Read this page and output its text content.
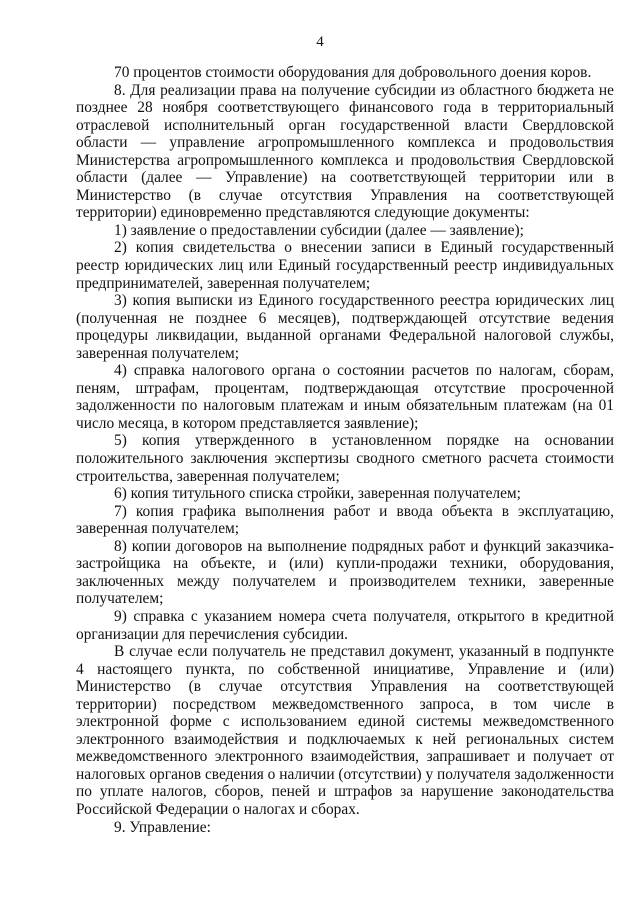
4

70 процентов стоимости оборудования для добровольного доения коров.

8. Для реализации права на получение субсидии из областного бюджета не позднее 28 ноября соответствующего финансового года в территориальный отраслевой исполнительный орган государственной власти Свердловской области — управление агропромышленного комплекса и продовольствия Министерства агропромышленного комплекса и продовольствия Свердловской области (далее — Управление) на соответствующей территории или в Министерство (в случае отсутствия Управления на соответствующей территории) единовременно представляются следующие документы:

1) заявление о предоставлении субсидии (далее — заявление);

2) копия свидетельства о внесении записи в Единый государственный реестр юридических лиц или Единый государственный реестр индивидуальных предпринимателей, заверенная получателем;

3) копия выписки из Единого государственного реестра юридических лиц (полученная не позднее 6 месяцев), подтверждающей отсутствие ведения процедуры ликвидации, выданной органами Федеральной налоговой службы, заверенная получателем;

4) справка налогового органа о состоянии расчетов по налогам, сборам, пеням, штрафам, процентам, подтверждающая отсутствие просроченной задолженности по налоговым платежам и иным обязательным платежам (на 01 число месяца, в котором представляется заявление);

5) копия утвержденного в установленном порядке на основании положительного заключения экспертизы сводного сметного расчета стоимости строительства, заверенная получателем;

6) копия титульного списка стройки, заверенная получателем;

7) копия графика выполнения работ и ввода объекта в эксплуатацию, заверенная получателем;

8) копии договоров на выполнение подрядных работ и функций заказчика-застройщика на объекте, и (или) купли-продажи техники, оборудования, заключенных между получателем и производителем техники, заверенные получателем;

9) справка с указанием номера счета получателя, открытого в кредитной организации для перечисления субсидии.

В случае если получатель не представил документ, указанный в подпункте 4 настоящего пункта, по собственной инициативе, Управление и (или) Министерство (в случае отсутствия Управления на соответствующей территории) посредством межведомственного запроса, в том числе в электронной форме с использованием единой системы межведомственного электронного взаимодействия и подключаемых к ней региональных систем межведомственного электронного взаимодействия, запрашивает и получает от налоговых органов сведения о наличии (отсутствии) у получателя задолженности по уплате налогов, сборов, пеней и штрафов за нарушение законодательства Российской Федерации о налогах и сборах.

9. Управление:
